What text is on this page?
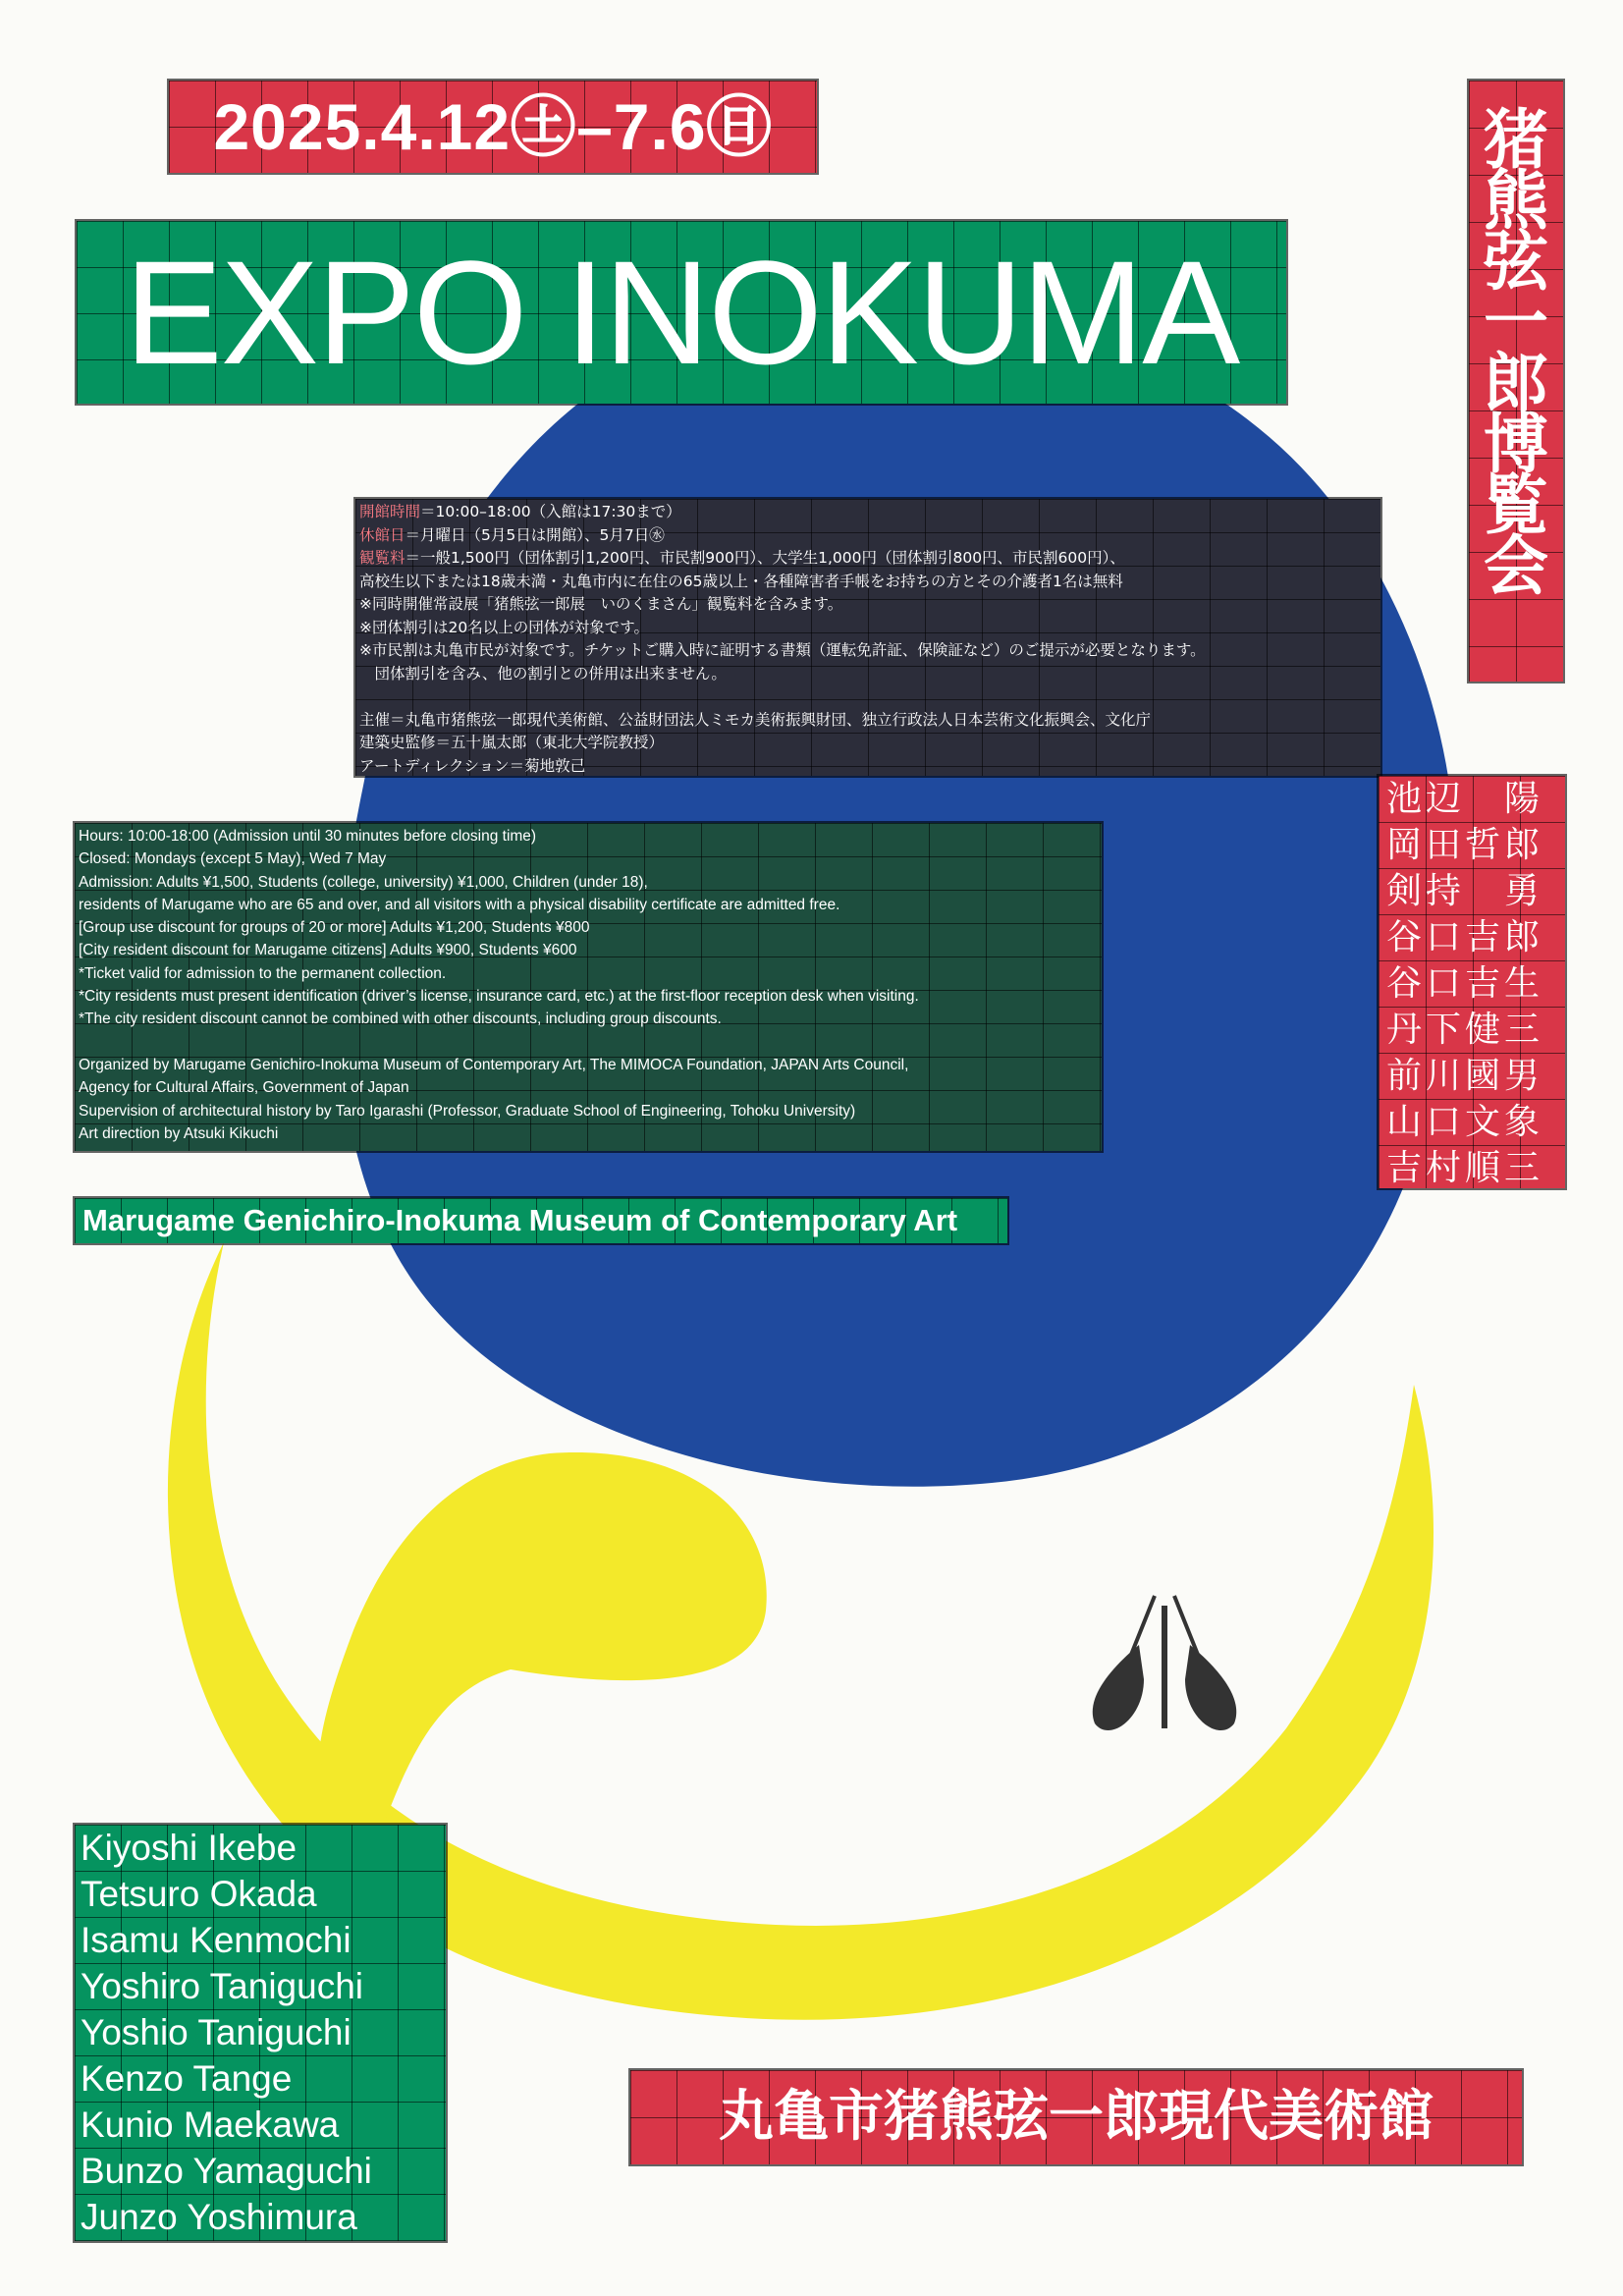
2025.4.12㊏–7.6㊐
EXPO INOKUMA
猪
熊
弦
一
郎
博
覧
会
開館時間＝10:00–18:00（入館は17:30まで）
休館日＝月曜日（5月5日は開館）、5月7日㊌
観覧料＝一般1,500円（団体割引1,200円、市民割900円）、大学生1,000円（団体割引800円、市民割600円）、
高校生以下または18歳未満・丸亀市内に在住の65歳以上・各種障害者手帳をお持ちの方とその介護者1名は無料
※同時開催常設展「猪熊弦一郎展　いのくまさん」観覧料を含みます。
※団体割引は20名以上の団体が対象です。
※市民割は丸亀市民が対象です。チケットご購入時に証明する書類（運転免許証、保険証など）のご提示が必要となります。
　団体割引を含み、他の割引との併用は出来ません。

主催＝丸亀市猪熊弦一郎現代美術館、公益財団法人ミモカ美術振興財団、独立行政法人日本芸術文化振興会、文化庁
建築史監修＝五十嵐太郎（東北大学院教授）
アートディレクション＝菊地敦己
Hours: 10:00-18:00 (Admission until 30 minutes before closing time)
Closed: Mondays (except 5 May), Wed 7 May
Admission: Adults ¥1,500, Students (college, university) ¥1,000, Children (under 18),
residents of Marugame who are 65 and over, and all visitors with a physical disability certificate are admitted free.
[Group use discount for groups of 20 or more] Adults ¥1,200, Students ¥800
[City resident discount for Marugame citizens] Adults ¥900, Students ¥600
*Ticket valid for admission to the permanent collection.
*City residents must present identification (driver’s license, insurance card, etc.) at the first-floor reception desk when visiting.
*The city resident discount cannot be combined with other discounts, including group discounts.

Organized by Marugame Genichiro-Inokuma Museum of Contemporary Art, The MIMOCA Foundation, JAPAN Arts Council,
Agency for Cultural Affairs, Government of Japan
Supervision of architectural history by Taro Igarashi (Professor, Graduate School of Engineering, Tohoku University)
Art direction by Atsuki Kikuchi
池辺　陽
岡田哲郎
剣持　勇
谷口吉郎
谷口吉生
丹下健三
前川國男
山口文象
吉村順三
Marugame Genichiro-Inokuma Museum of Contemporary Art
Kiyoshi Ikebe
Tetsuro Okada
Isamu Kenmochi
Yoshiro Taniguchi
Yoshio Taniguchi
Kenzo Tange
Kunio Maekawa
Bunzo Yamaguchi
Junzo Yoshimura
丸亀市猪熊弦一郎現代美術館
